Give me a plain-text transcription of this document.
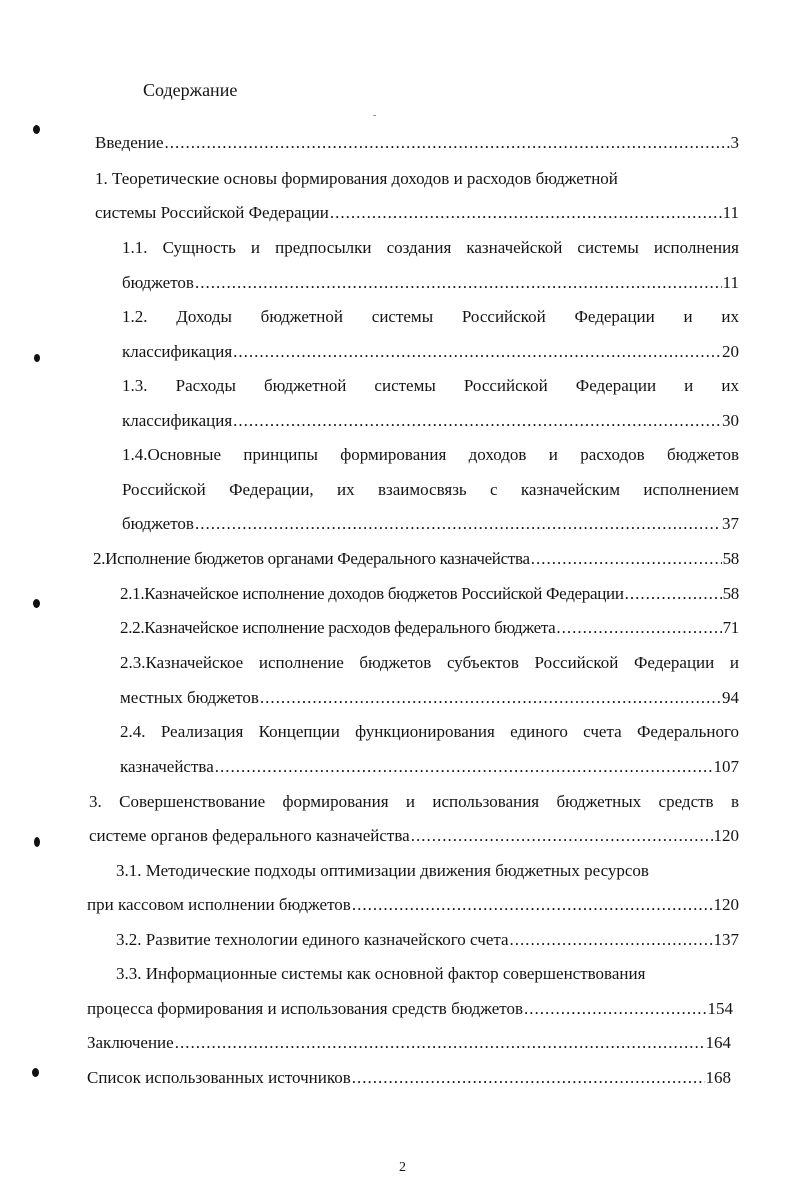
Содержание
Введение .....	3
1. Теоретические основы формирования доходов и расходов бюджетной
системы Российской Федерации .....	11
1.1. Сущность и предпосылки создания казначейской системы исполнения
бюджетов .....	11
1.2. Доходы бюджетной системы Российской Федерации и их
классификация .....	20
1.3. Расходы бюджетной системы Российской Федерации и их
классификация .....	30
1.4.Основные принципы формирования доходов и расходов бюджетов
Российской Федерации, их взаимосвязь с казначейским исполнением
бюджетов .....	37
2.Исполнение бюджетов органами Федерального казначейства .....	58
2.1.Казначейское исполнение доходов бюджетов Российской Федерации .....	58
2.2.Казначейское исполнение расходов федерального бюджета .....	71
2.3.Казначейское исполнение бюджетов субъектов Российской Федерации и
местных бюджетов .....	94
2.4. Реализация Концепции функционирования единого счета Федерального
казначейства .....	107
3. Совершенствование формирования и использования бюджетных средств в
системе органов федерального казначейства .....	120
3.1. Методические подходы оптимизации движения бюджетных ресурсов
при кассовом исполнении бюджетов .....	120
3.2. Развитие технологии единого казначейского счета .....	137
3.3. Информационные системы как основной фактор совершенствования
процесса формирования и использования средств бюджетов .....	154
Заключение .....	164
Список использованных источников .....	168
2
